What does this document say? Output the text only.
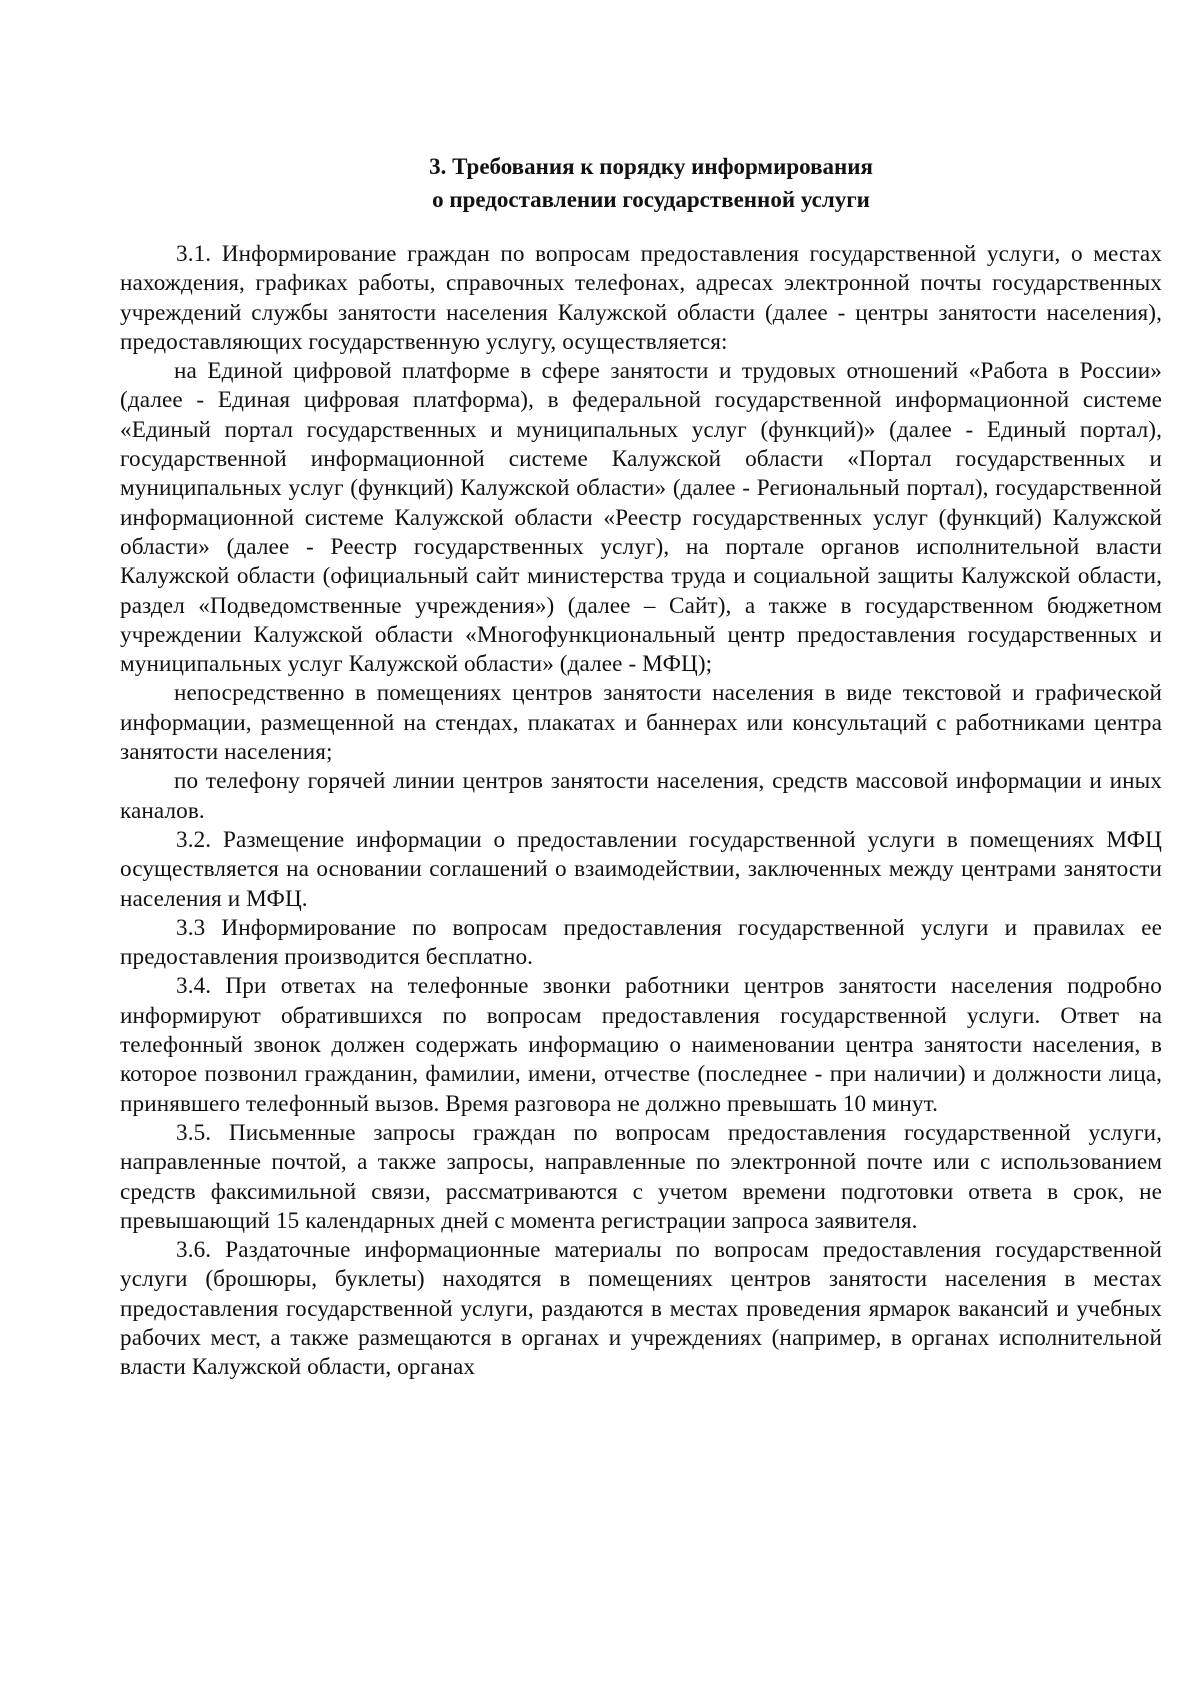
3. Требования к порядку информирования
о предоставлении государственной услуги

3.1. Информирование граждан по вопросам предоставления государственной услуги, о местах нахождения, графиках работы, справочных телефонах, адресах электронной почты государственных учреждений службы занятости населения Калужской области (далее - центры занятости населения), предоставляющих государственную услугу, осуществляется:

на Единой цифровой платформе в сфере занятости и трудовых отношений «Работа в России» (далее - Единая цифровая платформа), в федеральной государственной информационной системе «Единый портал государственных и муниципальных услуг (функций)» (далее - Единый портал), государственной информационной системе Калужской области «Портал государственных и муниципальных услуг (функций) Калужской области» (далее - Региональный портал), государственной информационной системе Калужской области «Реестр государственных услуг (функций) Калужской области» (далее - Реестр государственных услуг), на портале органов исполнительной власти Калужской области (официальный сайт министерства труда и социальной защиты Калужской области, раздел «Подведомственные учреждения») (далее – Сайт), а также в государственном бюджетном учреждении Калужской области «Многофункциональный центр предоставления государственных и муниципальных услуг Калужской области» (далее - МФЦ);

непосредственно в помещениях центров занятости населения в виде текстовой и графической информации, размещенной на стендах, плакатах и баннерах или консультаций с работниками центра занятости населения;

по телефону горячей линии центров занятости населения, средств массовой информации и иных каналов.

3.2. Размещение информации о предоставлении государственной услуги в помещениях МФЦ осуществляется на основании соглашений о взаимодействии, заключенных между центрами занятости населения и МФЦ.

3.3 Информирование по вопросам предоставления государственной услуги и правилах ее предоставления производится бесплатно.

3.4. При ответах на телефонные звонки работники центров занятости населения подробно информируют обратившихся по вопросам предоставления государственной услуги. Ответ на телефонный звонок должен содержать информацию о наименовании центра занятости населения, в которое позвонил гражданин, фамилии, имени, отчестве (последнее - при наличии) и должности лица, принявшего телефонный вызов. Время разговора не должно превышать 10 минут.

3.5. Письменные запросы граждан по вопросам предоставления государственной услуги, направленные почтой, а также запросы, направленные по электронной почте или с использованием средств факсимильной связи, рассматриваются с учетом времени подготовки ответа в срок, не превышающий 15 календарных дней с момента регистрации запроса заявителя.

3.6. Раздаточные информационные материалы по вопросам предоставления государственной услуги (брошюры, буклеты) находятся в помещениях центров занятости населения в местах предоставления государственной услуги, раздаются в местах проведения ярмарок вакансий и учебных рабочих мест, а также размещаются в органах и учреждениях (например, в органах исполнительной власти Калужской области, органах
